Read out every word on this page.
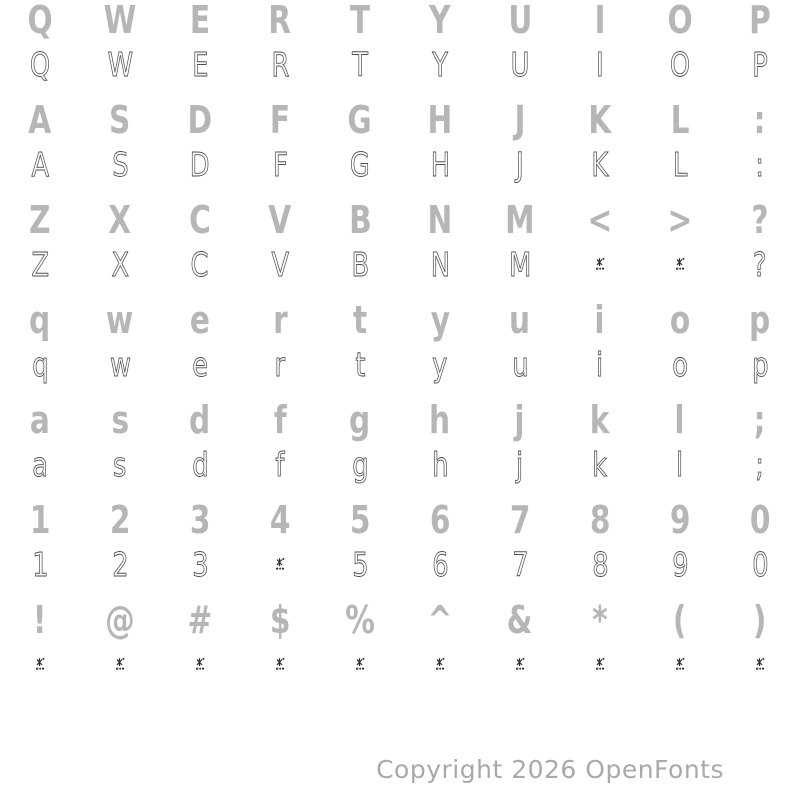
Q W E R T Y U I O P
Q W E R T Y U I O P
A S D F G H J K L :
A S D F G H J K L :
Z X C V B N M < > ?
Z X C V B N M	?
q w e r t y u i o p
q w e r t y u i o p
a s d f g h j k l ;
a s d f g h j k l ;
1 2 3 4 5 6 7 8 9 0
1 2 3	5 6 7 8 9 0
! @ # $ % ^ & * ( )
Copyright 2026 OpenFonts
